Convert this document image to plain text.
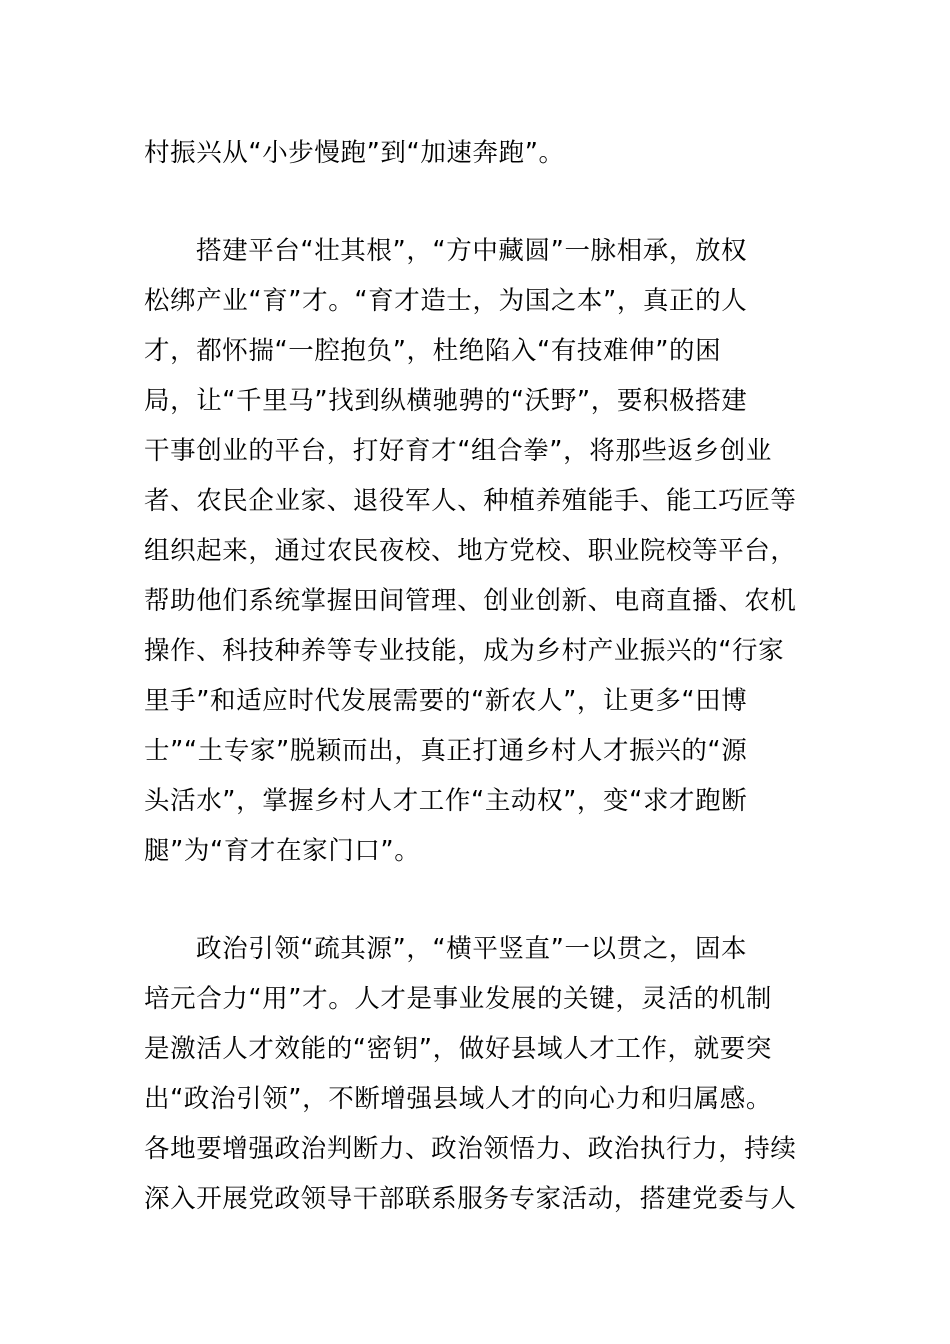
村振兴从“小步慢跑”到“加速奔跑”。
搭建平台“壮其根”，“方中藏圆”一脉相承，放权
松绑产业“育”才。“育才造士，为国之本”，真正的人
才，都怀揣“一腔抱负”，杜绝陷入“有技难伸”的困
局，让“千里马”找到纵横驰骋的“沃野”，要积极搭建
干事创业的平台，打好育才“组合拳”，将那些返乡创业
者、农民企业家、退役军人、种植养殖能手、能工巧匠等
组织起来，通过农民夜校、地方党校、职业院校等平台，
帮助他们系统掌握田间管理、创业创新、电商直播、农机
操作、科技种养等专业技能，成为乡村产业振兴的“行家
里手”和适应时代发展需要的“新农人”，让更多“田博
士”“土专家”脱颖而出，真正打通乡村人才振兴的“源
头活水”，掌握乡村人才工作“主动权”，变“求才跑断
腿”为“育才在家门口”。
政治引领“疏其源”，“横平竖直”一以贯之，固本
培元合力“用”才。人才是事业发展的关键，灵活的机制
是激活人才效能的“密钥”，做好县域人才工作，就要突
出“政治引领”，不断增强县域人才的向心力和归属感。
各地要增强政治判断力、政治领悟力、政治执行力，持续
深入开展党政领导干部联系服务专家活动，搭建党委与人
